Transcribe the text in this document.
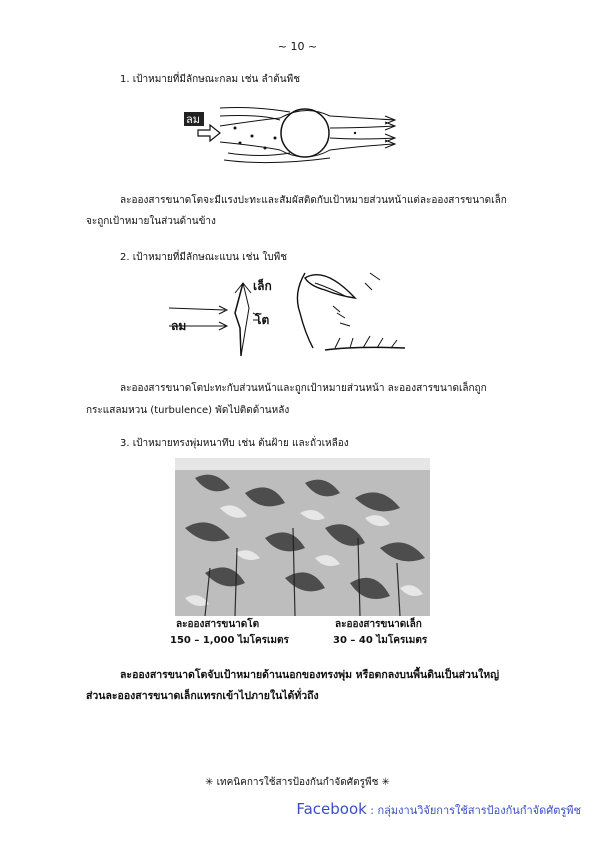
~ 10 ~
1. เป้าหมายที่มีลักษณะกลม เช่น ลำต้นพืช
ลม
ละอองสารขนาดโตจะมีแรงปะทะและสัมผัสติดกับเป้าหมายส่วนหน้าแต่ละอองสารขนาดเล็ก
จะถูกเป้าหมายในส่วนด้านข้าง
2. เป้าหมายที่มีลักษณะแบน เช่น ใบพืช
เล็ก
โต
ลม
ละอองสารขนาดโตปะทะกับส่วนหน้าและถูกเป้าหมายส่วนหน้า ละอองสารขนาดเล็กถูก
กระแสลมหวน (turbulence) พัดไปติดด้านหลัง
3. เป้าหมายทรงพุ่มหนาทึบ เช่น ต้นฝ้าย และถั่วเหลือง
ละอองสารขนาดโต
150 – 1,000 ไมโครเมตร
ละอองสารขนาดเล็ก
30 – 40 ไมโครเมตร
ละอองสารขนาดโตจับเป้าหมายด้านนอกของทรงพุ่ม หรือตกลงบนพื้นดินเป็นส่วนใหญ่
ส่วนละอองสารขนาดเล็กแทรกเข้าไปภายในได้ทั่วถึง
✳ เทคนิคการใช้สารป้องกันกำจัดศัตรูพืช ✳
Facebook : กลุ่มงานวิจัยการใช้สารป้องกันกำจัดศัตรูพืช
